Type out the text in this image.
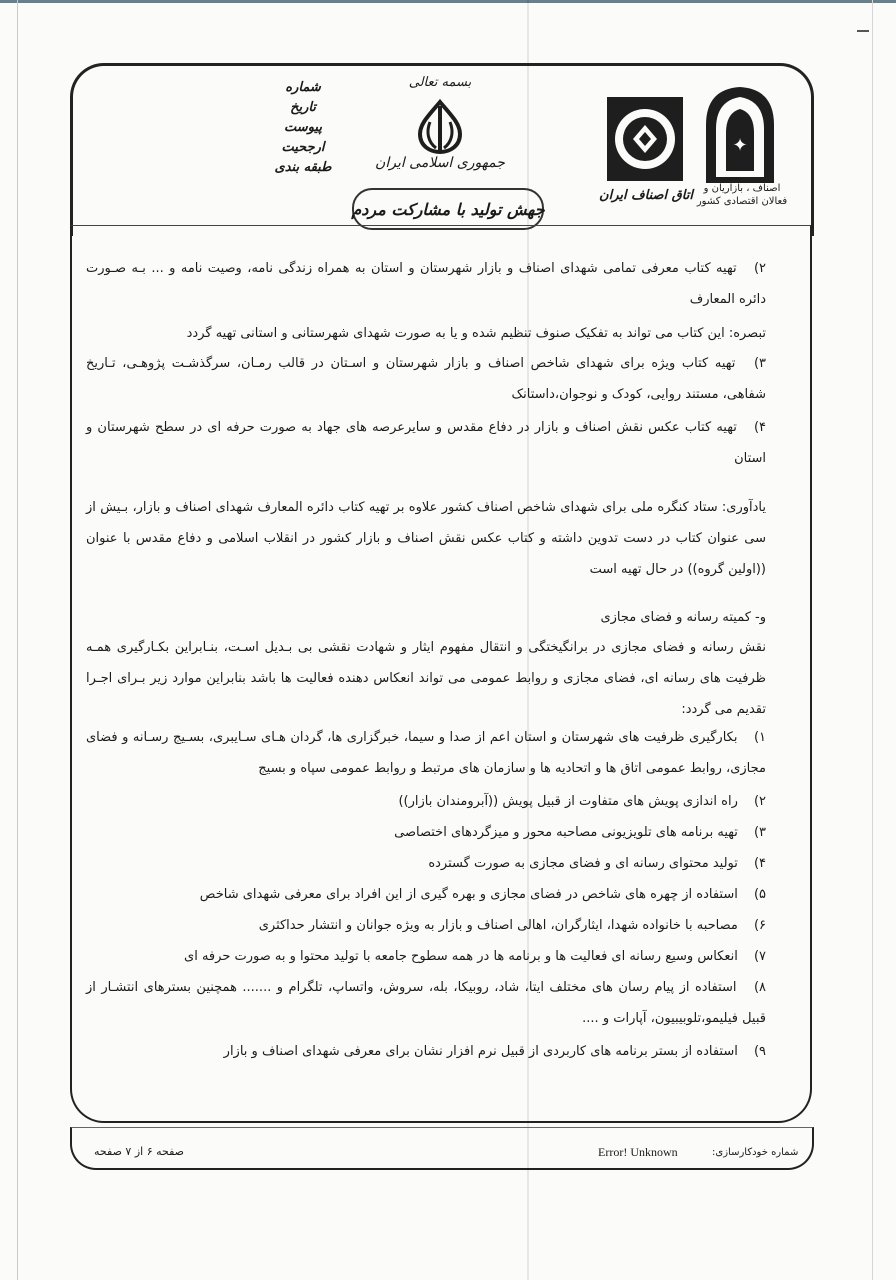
✦
اصناف ، بازاریان و فعالان اقتصادی کشور
اتاق اصناف ایران
بسمه تعالی
جمهوری اسلامی ایران
جهش تولید با مشارکت مردم
شماره
تاریخ
پیوست
ارجحیت
طبقه بندی
۲) تهیه کتاب معرفی تمامی شهدای اصناف و بازار شهرستان و استان به همراه زندگی نامه، وصیت نامه و ... بـه صـورت دائره المعارف
تبصره: این کتاب می تواند به تفکیک صنوف تنظیم شده و یا به صورت شهدای شهرستانی و استانی تهیه گردد
۳) تهیه کتاب ویژه برای شهدای شاخص اصناف و بازار شهرستان و اسـتان در قالب رمـان، سرگذشـت پژوهـی، تـاریخ شفاهی، مستند روایی، کودک و نوجوان،داستانک
۴) تهیه کتاب عکس نقش اصناف و بازار در دفاع مقدس و سایرعرصه های جهاد به صورت حرفه ای در سطح شهرستان و استان
یادآوری: ستاد کنگره ملی برای شهدای شاخص اصناف کشور علاوه بر تهیه کتاب دائره المعارف شهدای اصناف و بازار، بـیش از سی عنوان کتاب در دست تدوین داشته و کتاب عکس نقش اصناف و بازار کشور در انقلاب اسلامی و دفاع مقدس با عنوان ((اولین گروه)) در حال تهیه است
و- کمیته رسانه و فضای مجازی
نقش رسانه و فضای مجازی در برانگیختگی و انتقال مفهوم ایثار و شهادت نقشی بی بـدیل اسـت، بنـابراین بکـارگیری همـه ظرفیت های رسانه ای، فضای مجازی و روابط عمومی می تواند انعکاس دهنده فعالیت ها باشد بنابراین موارد زیر بـرای اجـرا تقدیم می گردد:
۱) بکارگیری ظرفیت های شهرستان و استان اعم از صدا و سیما، خبرگزاری ها، گردان هـای سـایبری، بسـیج رسـانه و فضای مجازی، روابط عمومی اتاق ها و اتحادیه ها و سازمان های مرتبط و روابط عمومی سپاه و بسیج
۲) راه اندازی پویش های متفاوت از قبیل پویش ((آبرومندان بازار))
۳) تهیه برنامه های تلویزیونی مصاحبه محور و میزگردهای اختصاصی
۴) تولید محتوای رسانه ای و فضای مجازی به صورت گسترده
۵) استفاده از چهره های شاخص در فضای مجازی و بهره گیری از این افراد برای معرفی شهدای شاخص
۶) مصاحبه با خانواده شهدا، ایثارگران، اهالی اصناف و بازار به ویژه جوانان و انتشار حداکثری
۷) انعکاس وسیع رسانه ای فعالیت ها و برنامه ها در همه سطوح جامعه با تولید محتوا و به صورت حرفه ای
۸) استفاده از پیام رسان های مختلف ایتا، شاد، روبیکا، بله، سروش، واتساپ، تلگرام و ....... همچنین بسترهای انتشـار از قبیل فیلیمو،تلوبیبیون، آپارات و ....
۹) استفاده از بستر برنامه های کاربردی از قبیل نرم افزار نشان برای معرفی شهدای اصناف و بازار
شماره خودکارسازی:
Error! Unknown
صفحه ۶ از ۷ صفحه
